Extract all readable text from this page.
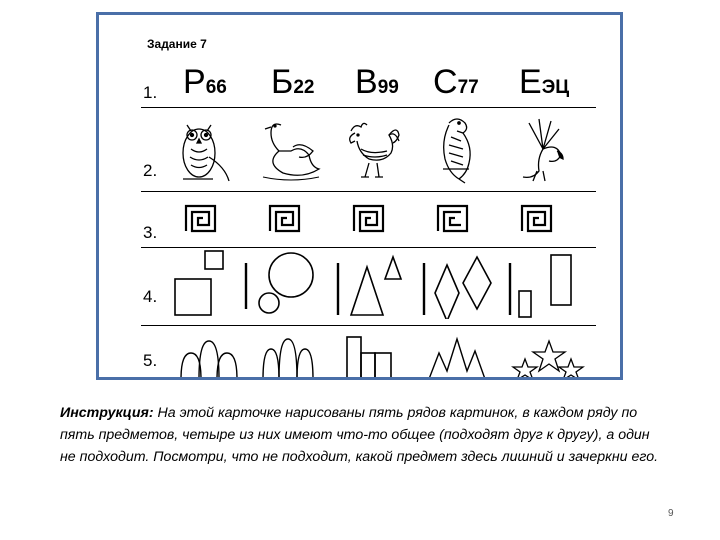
Задание 7
1.
2.
3.
4.
5.
Р66 Б22 В99 С77 ЕЭЦ
Инструкция: На этой карточке нарисованы пять рядов картинок, в каждом ряду по пять предметов, четыре из них имеют что-то общее (подходят друг к другу), а один не подходит. Посмотри, что не подходит, какой предмет здесь лишний и зачеркни его.
9
